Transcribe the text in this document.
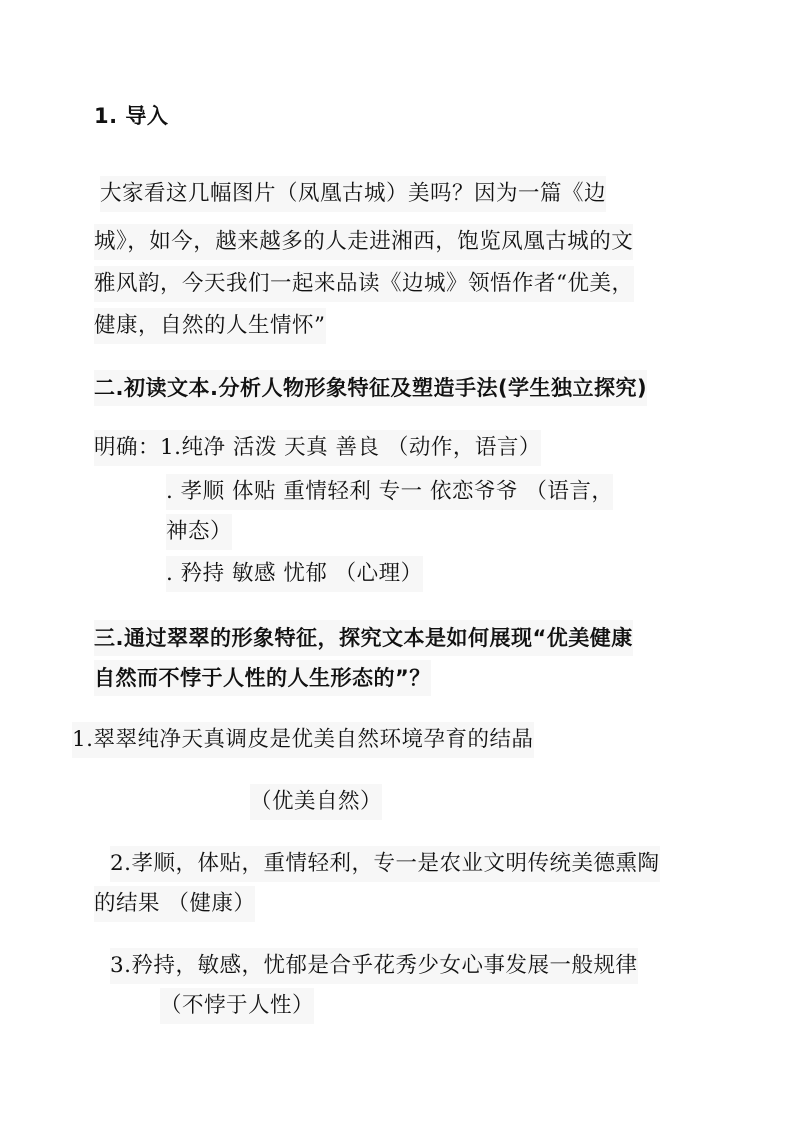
1. 导入
大家看这几幅图片（凤凰古城）美吗？因为一篇《边
城》，如今，越来越多的人走进湘西，饱览凤凰古城的文
雅风韵，今天我们一起来品读《边城》领悟作者“优美，
健康，自然的人生情怀”
二.初读文本.分析人物形象特征及塑造手法(学生独立探究)
明确：1.纯净 活泼 天真 善良 （动作，语言）
. 孝顺 体贴 重情轻利 专一 依恋爷爷 （语言，
神态）
. 矜持 敏感 忧郁 （心理）
三.通过翠翠的形象特征，探究文本是如何展现“优美健康
自然而不悖于人性的人生形态的”？
1.翠翠纯净天真调皮是优美自然环境孕育的结晶
（优美自然）
2.孝顺，体贴，重情轻利，专一是农业文明传统美德熏陶
的结果 （健康）
3.矜持，敏感，忧郁是合乎花秀少女心事发展一般规律
（不悖于人性）
